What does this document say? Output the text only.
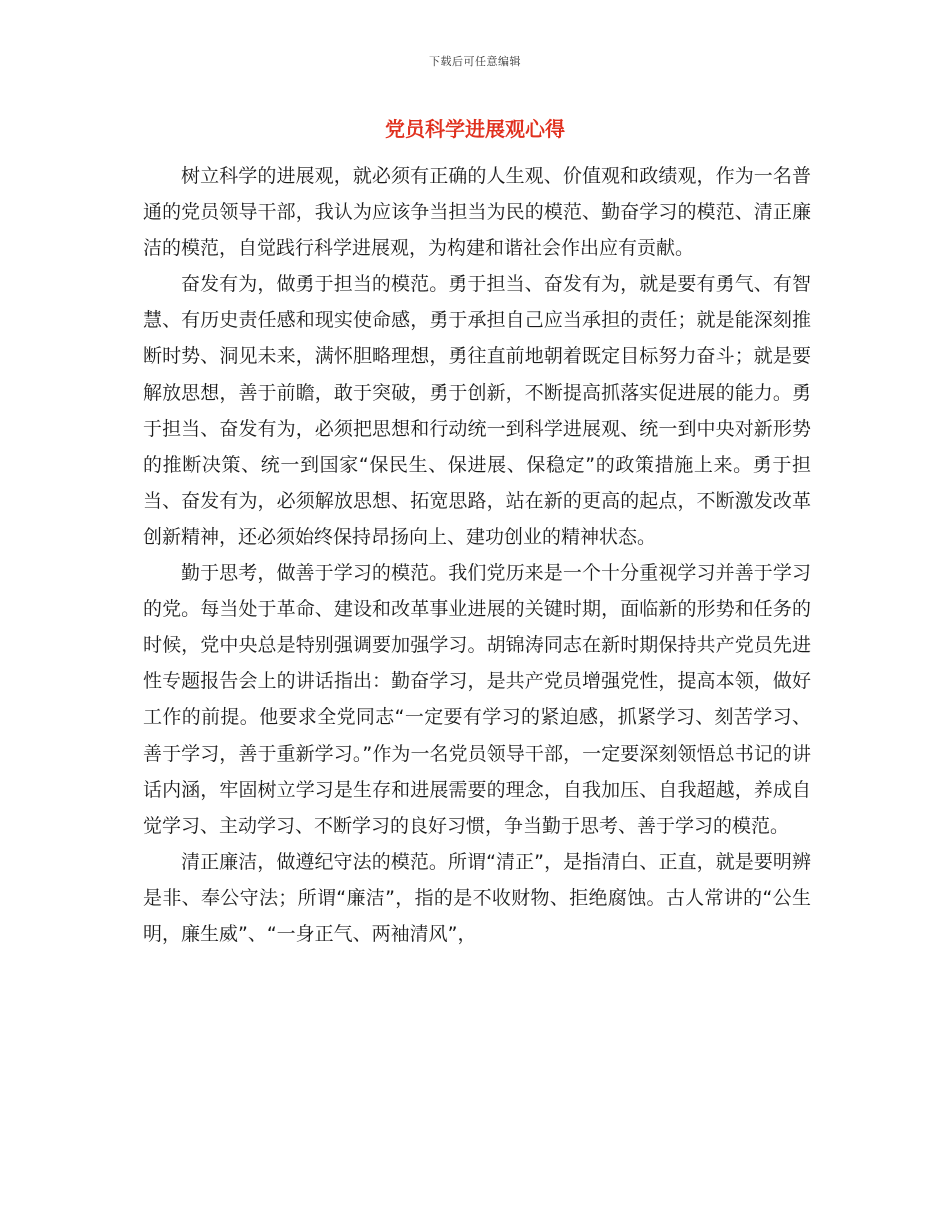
下载后可任意编辑
党员科学进展观心得

树立科学的进展观，就必须有正确的人生观、价值观和政绩观，作为一名普通的党员领导干部，我认为应该争当担当为民的模范、勤奋学习的模范、清正廉洁的模范，自觉践行科学进展观，为构建和谐社会作出应有贡献。

奋发有为，做勇于担当的模范。勇于担当、奋发有为，就是要有勇气、有智慧、有历史责任感和现实使命感，勇于承担自己应当承担的责任；就是能深刻推断时势、洞见未来，满怀胆略理想，勇往直前地朝着既定目标努力奋斗；就是要解放思想，善于前瞻，敢于突破，勇于创新，不断提高抓落实促进展的能力。勇于担当、奋发有为，必须把思想和行动统一到科学进展观、统一到中央对新形势的推断决策、统一到国家“保民生、保进展、保稳定”的政策措施上来。勇于担当、奋发有为，必须解放思想、拓宽思路，站在新的更高的起点，不断激发改革创新精神，还必须始终保持昂扬向上、建功创业的精神状态。

勤于思考，做善于学习的模范。我们党历来是一个十分重视学习并善于学习的党。每当处于革命、建设和改革事业进展的关键时期，面临新的形势和任务的时候，党中央总是特别强调要加强学习。胡锦涛同志在新时期保持共产党员先进性专题报告会上的讲话指出：勤奋学习，是共产党员增强党性，提高本领，做好工作的前提。他要求全党同志“一定要有学习的紧迫感，抓紧学习、刻苦学习、善于学习，善于重新学习。”作为一名党员领导干部，一定要深刻领悟总书记的讲话内涵，牢固树立学习是生存和进展需要的理念，自我加压、自我超越，养成自觉学习、主动学习、不断学习的良好习惯，争当勤于思考、善于学习的模范。

清正廉洁，做遵纪守法的模范。所谓“清正”，是指清白、正直，就是要明辨是非、奉公守法；所谓“廉洁”，指的是不收财物、拒绝腐蚀。古人常讲的“公生明，廉生威”、“一身正气、两袖清风”，
